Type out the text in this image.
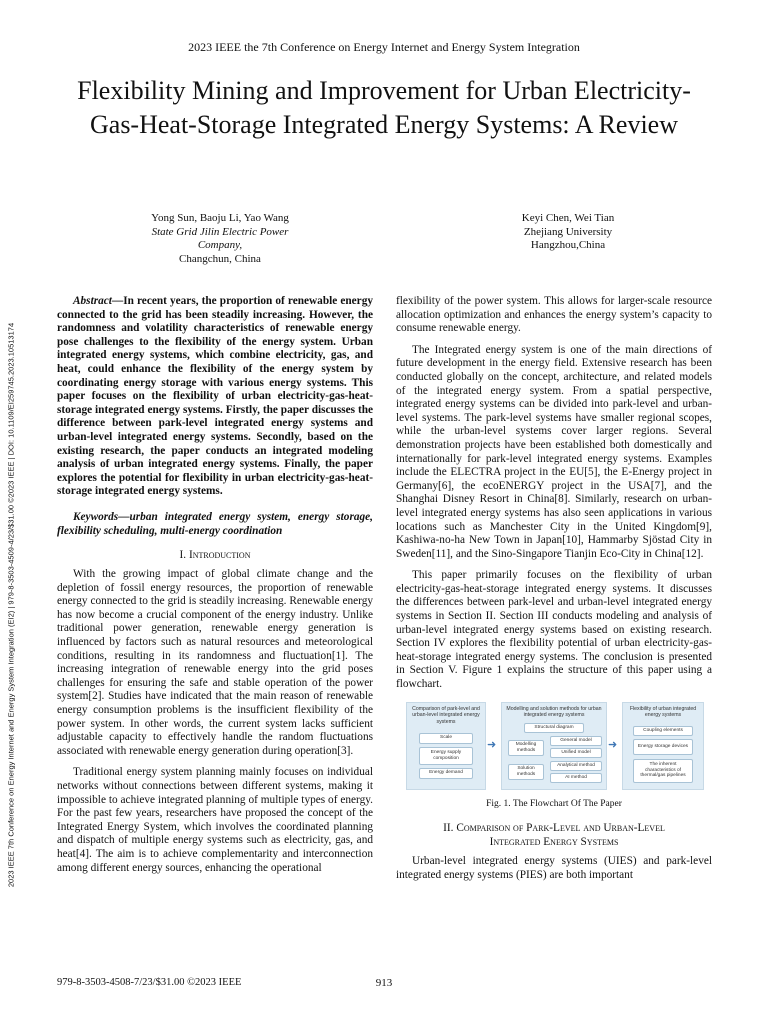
2023 IEEE the 7th Conference on Energy Internet and Energy System Integration
Flexibility Mining and Improvement for Urban Electricity-Gas-Heat-Storage Integrated Energy Systems: A Review
Yong Sun, Baoju Li, Yao Wang
State Grid Jilin Electric Power
Company,
Changchun, China
Keyi Chen, Wei Tian
Zhejiang University
Hangzhou,China
2023 IEEE 7th Conference on Energy Internet and Energy System Integration (EI2) | 979-8-3503-4509-4/23/$31.00 ©2023 IEEE | DOI: 10.1109/EI259745.2023.10513174

Abstract—In recent years, the proportion of renewable energy connected to the grid has been steadily increasing. However, the randomness and volatility characteristics of renewable energy pose challenges to the flexibility of the energy system. Urban integrated energy systems, which combine electricity, gas, and heat, could enhance the flexibility of the energy system by coordinating energy storage with various energy systems. This paper focuses on the flexibility of urban electricity-gas-heat-storage integrated energy systems. Firstly, the paper discusses the difference between park-level integrated energy systems and urban-level integrated energy systems. Secondly, based on the existing research, the paper conducts an integrated modeling analysis of urban integrated energy systems. Finally, the paper explores the potential for flexibility in urban electricity-gas-heat-storage integrated energy systems.

Keywords—urban integrated energy system, energy storage, flexibility scheduling, multi-energy coordination

I. Introduction

With the growing impact of global climate change and the depletion of fossil energy resources, the proportion of renewable energy connected to the grid is steadily increasing. Renewable energy has now become a crucial component of the energy industry. Unlike traditional power generation, renewable energy generation is influenced by factors such as natural resources and meteorological conditions, resulting in its randomness and fluctuation[1]. The increasing integration of renewable energy into the grid poses challenges for ensuring the safe and stable operation of the power system[2]. Studies have indicated that the main reason of renewable energy consumption problems is the insufficient flexibility of the power system. In other words, the current system lacks sufficient adjustable capacity to effectively handle the random fluctuations associated with renewable energy generation during operation[3].

Traditional energy system planning mainly focuses on individual networks without connections between different systems, making it impossible to achieve integrated planning of multiple types of energy. For the past few years, researchers have proposed the concept of the Integrated Energy System, which involves the coordinated planning and dispatch of multiple energy systems such as electricity, gas, and heat[4]. The aim is to achieve complementarity and interconnection among different energy sources, enhancing the operational

flexibility of the power system. This allows for larger-scale resource allocation optimization and enhances the energy system’s capacity to consume renewable energy.

The Integrated energy system is one of the main directions of future development in the energy field. Extensive research has been conducted globally on the concept, architecture, and related models of the integrated energy system. From a spatial perspective, integrated energy systems can be divided into park-level and urban-level systems. The park-level systems have smaller regional scopes, while the urban-level systems cover larger regions. Several demonstration projects have been established both domestically and internationally for park-level integrated energy systems. Examples include the ELECTRA project in the EU[5], the E-Energy project in Germany[6], the ecoENERGY project in the USA[7], and the Shanghai Disney Resort in China[8]. Similarly, research on urban-level integrated energy systems has also seen applications in various locations such as Manchester City in the United Kingdom[9], Kashiwa-no-ha New Town in Japan[10], Hammarby Sjöstad City in Sweden[11], and the Sino-Singapore Tianjin Eco-City in China[12].

This paper primarily focuses on the flexibility of urban electricity-gas-heat-storage integrated energy systems. It discusses the differences between park-level and urban-level integrated energy systems in Section II. Section III conducts modeling and analysis of urban-level integrated energy systems based on existing research. Section IV explores the flexibility potential of urban electricity-gas-heat-storage integrated energy systems. The conclusion is presented in Section V. Figure 1 explains the structure of this paper using a flowchart.

Comparison of park-level and urban-level integrated energy systems
Scale
Energy supply composition
Energy demand
➜
Modelling and solution methods for urban integrated energy systems
Structural diagram
Modelling methods
Solution methods
General model
Unified model
Analytical method
AI method
➜
Flexibility of urban integrated energy systems
Coupling elements
Energy storage devices
The inherent characteristics of thermal/gas pipelines

Fig. 1. The Flowchart Of The Paper

II. Comparison of Park-Level and Urban-Level
Integrated Energy Systems

Urban-level integrated energy systems (UIES) and park-level integrated energy systems (PIES) are both important

979-8-3503-4508-7/23/$31.00 ©2023 IEEE	913
